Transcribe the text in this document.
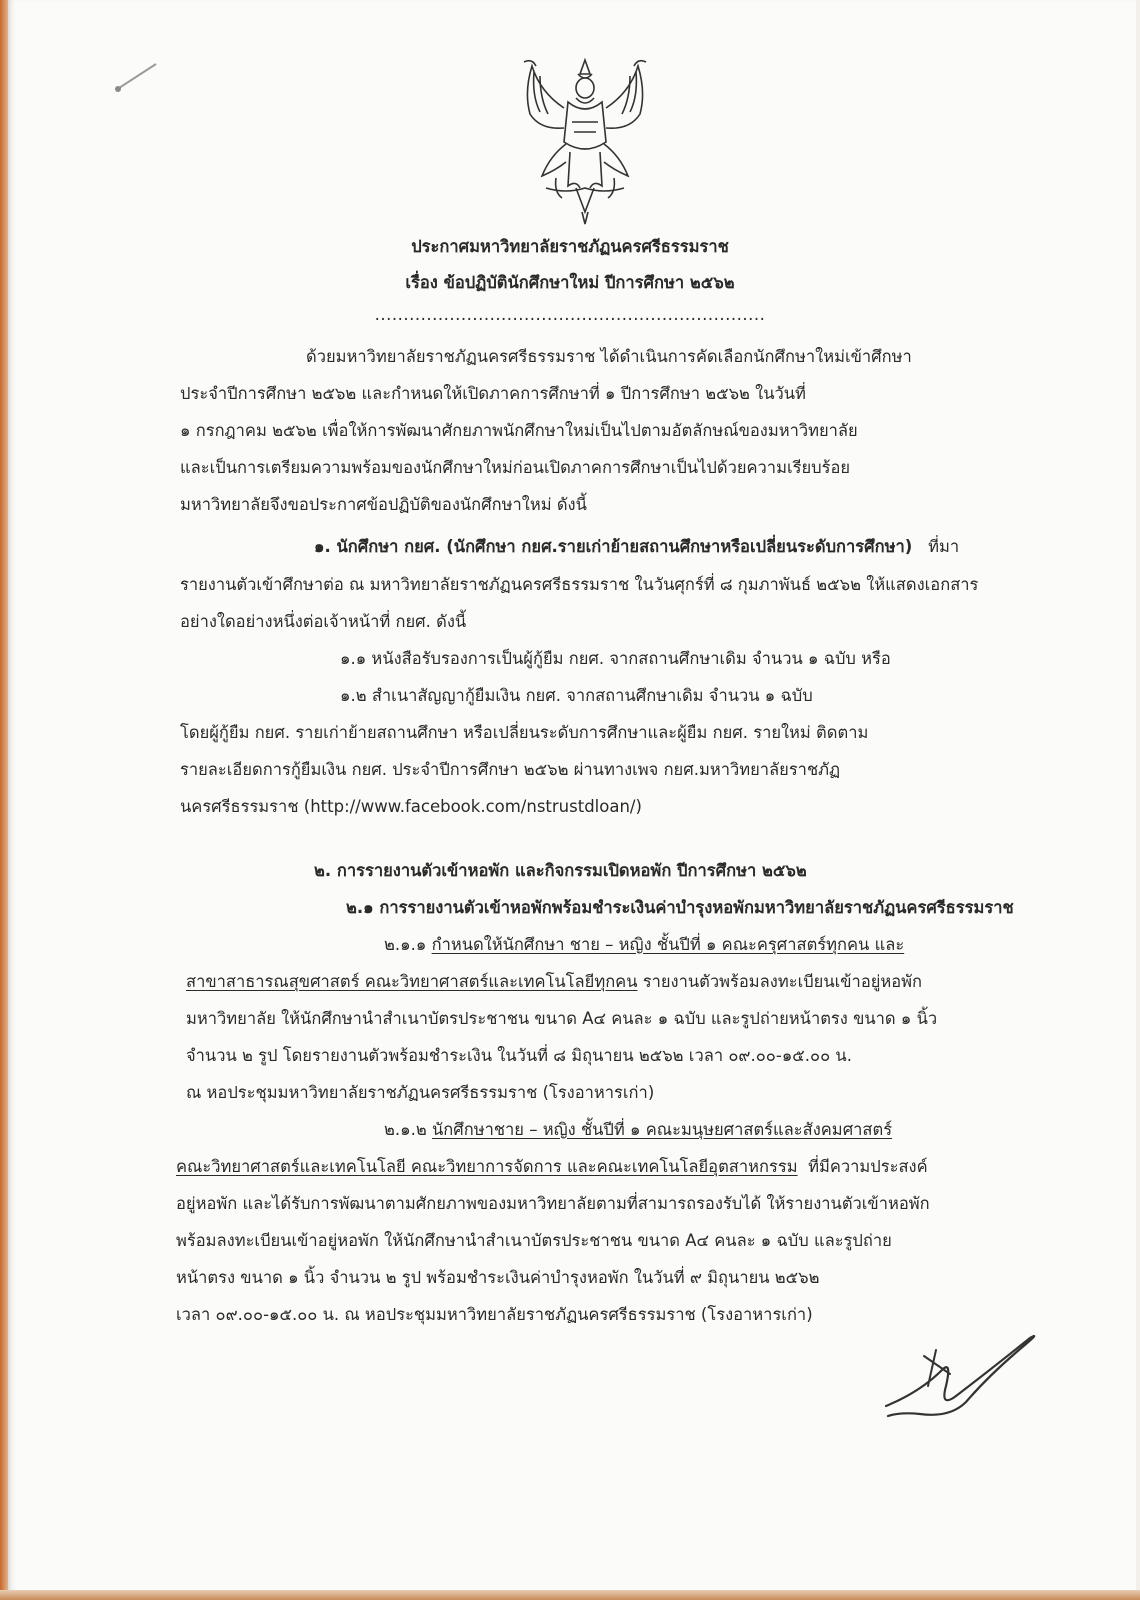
ประกาศมหาวิทยาลัยราชภัฏนครศรีธรรมราช

เรื่อง ข้อปฏิบัตินักศึกษาใหม่ ปีการศึกษา ๒๕๖๒

....................................................................

ด้วยมหาวิทยาลัยราชภัฏนครศรีธรรมราช ได้ดำเนินการคัดเลือกนักศึกษาใหม่เข้าศึกษา

ประจำปีการศึกษา ๒๕๖๒ และกำหนดให้เปิดภาคการศึกษาที่ ๑ ปีการศึกษา ๒๕๖๒ ในวันที่

๑ กรกฎาคม ๒๕๖๒ เพื่อให้การพัฒนาศักยภาพนักศึกษาใหม่เป็นไปตามอัตลักษณ์ของมหาวิทยาลัย

และเป็นการเตรียมความพร้อมของนักศึกษาใหม่ก่อนเปิดภาคการศึกษาเป็นไปด้วยความเรียบร้อย

มหาวิทยาลัยจึงขอประกาศข้อปฏิบัติของนักศึกษาใหม่ ดังนี้

๑. นักศึกษา กยศ. (นักศึกษา กยศ.รายเก่าย้ายสถานศึกษาหรือเปลี่ยนระดับการศึกษา) ที่มา

รายงานตัวเข้าศึกษาต่อ ณ มหาวิทยาลัยราชภัฏนครศรีธรรมราช ในวันศุกร์ที่ ๘ กุมภาพันธ์ ๒๕๖๒ ให้แสดงเอกสาร

อย่างใดอย่างหนึ่งต่อเจ้าหน้าที่ กยศ. ดังนี้

๑.๑ หนังสือรับรองการเป็นผู้กู้ยืม กยศ. จากสถานศึกษาเดิม จำนวน ๑ ฉบับ หรือ

๑.๒ สำเนาสัญญากู้ยืมเงิน กยศ. จากสถานศึกษาเดิม จำนวน ๑ ฉบับ

โดยผู้กู้ยืม กยศ. รายเก่าย้ายสถานศึกษา หรือเปลี่ยนระดับการศึกษาและผู้ยืม กยศ. รายใหม่ ติดตาม

รายละเอียดการกู้ยืมเงิน กยศ. ประจำปีการศึกษา ๒๕๖๒ ผ่านทางเพจ กยศ.มหาวิทยาลัยราชภัฏ

นครศรีธรรมราช (http://www.facebook.com/nstrustdloan/)

๒. การรายงานตัวเข้าหอพัก และกิจกรรมเปิดหอพัก ปีการศึกษา ๒๕๖๒

๒.๑ การรายงานตัวเข้าหอพักพร้อมชำระเงินค่าบำรุงหอพักมหาวิทยาลัยราชภัฏนครศรีธรรมราช

๒.๑.๑ กำหนดให้นักศึกษา ชาย – หญิง ชั้นปีที่ ๑ คณะครุศาสตร์ทุกคน และ

สาขาสาธารณสุขศาสตร์ คณะวิทยาศาสตร์และเทคโนโลยีทุกคน รายงานตัวพร้อมลงทะเบียนเข้าอยู่หอพัก

มหาวิทยาลัย ให้นักศึกษานำสำเนาบัตรประชาชน ขนาด A๔ คนละ ๑ ฉบับ และรูปถ่ายหน้าตรง ขนาด ๑ นิ้ว

จำนวน ๒ รูป โดยรายงานตัวพร้อมชำระเงิน ในวันที่ ๘ มิถุนายน ๒๕๖๒ เวลา ๐๙.๐๐-๑๕.๐๐ น.

ณ หอประชุมมหาวิทยาลัยราชภัฏนครศรีธรรมราช (โรงอาหารเก่า)

๒.๑.๒ นักศึกษาชาย – หญิง ชั้นปีที่ ๑ คณะมนุษยศาสตร์และสังคมศาสตร์

คณะวิทยาศาสตร์และเทคโนโลยี คณะวิทยาการจัดการ และคณะเทคโนโลยีอุตสาหกรรม ที่มีความประสงค์

อยู่หอพัก และได้รับการพัฒนาตามศักยภาพของมหาวิทยาลัยตามที่สามารถรองรับได้ ให้รายงานตัวเข้าหอพัก

พร้อมลงทะเบียนเข้าอยู่หอพัก ให้นักศึกษานำสำเนาบัตรประชาชน ขนาด A๔ คนละ ๑ ฉบับ และรูปถ่าย

หน้าตรง ขนาด ๑ นิ้ว จำนวน ๒ รูป พร้อมชำระเงินค่าบำรุงหอพัก ในวันที่ ๙ มิถุนายน ๒๕๖๒

เวลา ๐๙.๐๐-๑๕.๐๐ น. ณ หอประชุมมหาวิทยาลัยราชภัฏนครศรีธรรมราช (โรงอาหารเก่า)
